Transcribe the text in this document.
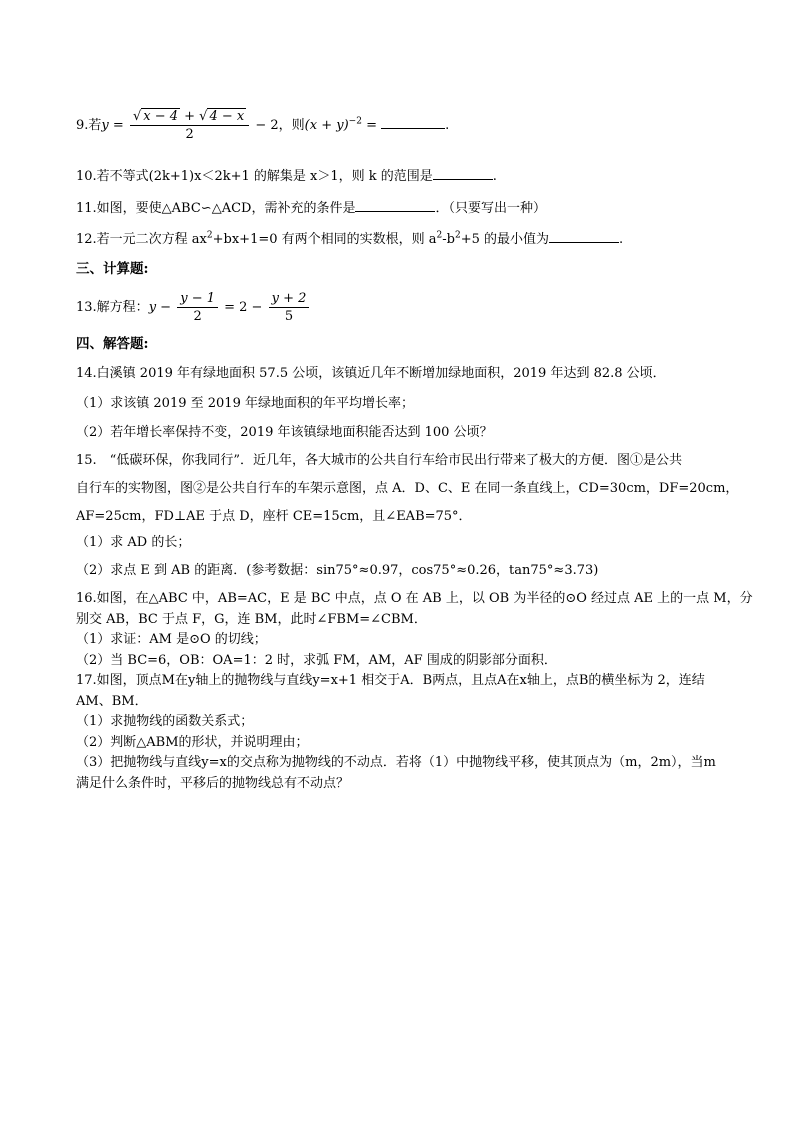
9.若$y = \frac{√ x - 4 + √ 4 - x}{2} - 2$，则$(x + y)^{-2}$ =	.
10.若不等式(2k+1)x＜2k+1 的解集是 x＞1，则 k 的范围是	.
11.如图，要使△ABC∽△ACD，需补充的条件是	．（只要写出一种）
12.若一元二次方程 $ax^2+bx+1=0$ 有两个相同的实数根，则 $a^2-b^2+5$ 的最小值为	.
三、计算题:
13.解方程：$y - \frac{y - 1}{2} = 2 - \frac{y + 2}{5}$
四、解答题:
14.白溪镇 2019 年有绿地面积 57.5 公顷，该镇近几年不断增加绿地面积，2019 年达到 82.8 公顷．
（1）求该镇 2019 至 2019 年绿地面积的年平均增长率；
（2）若年增长率保持不变，2019 年该镇绿地面积能否达到 100 公顷？
15.　“低碳环保，你我同行”．近几年，各大城市的公共自行车给市民出行带来了极大的方便．图①是公共
自行车的实物图，图②是公共自行车的车架示意图，点 A．D、C、E 在同一条直线上，CD=30cm，DF=20cm，
AF=25cm，FD⊥AE 于点 D，座杆 CE=15cm，且∠EAB=75°．
（1）求 AD 的长；
（2）求点 E 到 AB 的距离．(参考数据：sin75°≈0.97，cos75°≈0.26，tan75°≈3.73)
16.如图，在△ABC 中，AB=AC，E 是 BC 中点，点 O 在 AB 上，以 OB 为半径的⊙O 经过点 AE 上的一点 M，分
别交 AB，BC 于点 F，G，连 BM，此时∠FBM=∠CBM．
（1）求证：AM 是⊙O 的切线；
（2）当 BC=6，OB：OA=1：2 时，求弧 FM，AM，AF 围成的阴影部分面积．
17.如图，顶点M在y轴上的抛物线与直线y=x+1 相交于A．B两点，且点A在x轴上，点B的横坐标为 2，连结
AM、BM．
（1）求抛物线的函数关系式；
（2）判断△ABM的形状，并说明理由；
（3）把抛物线与直线y=x的交点称为抛物线的不动点．若将（1）中抛物线平移，使其顶点为（m，2m），当m
满足什么条件时，平移后的抛物线总有不动点？
